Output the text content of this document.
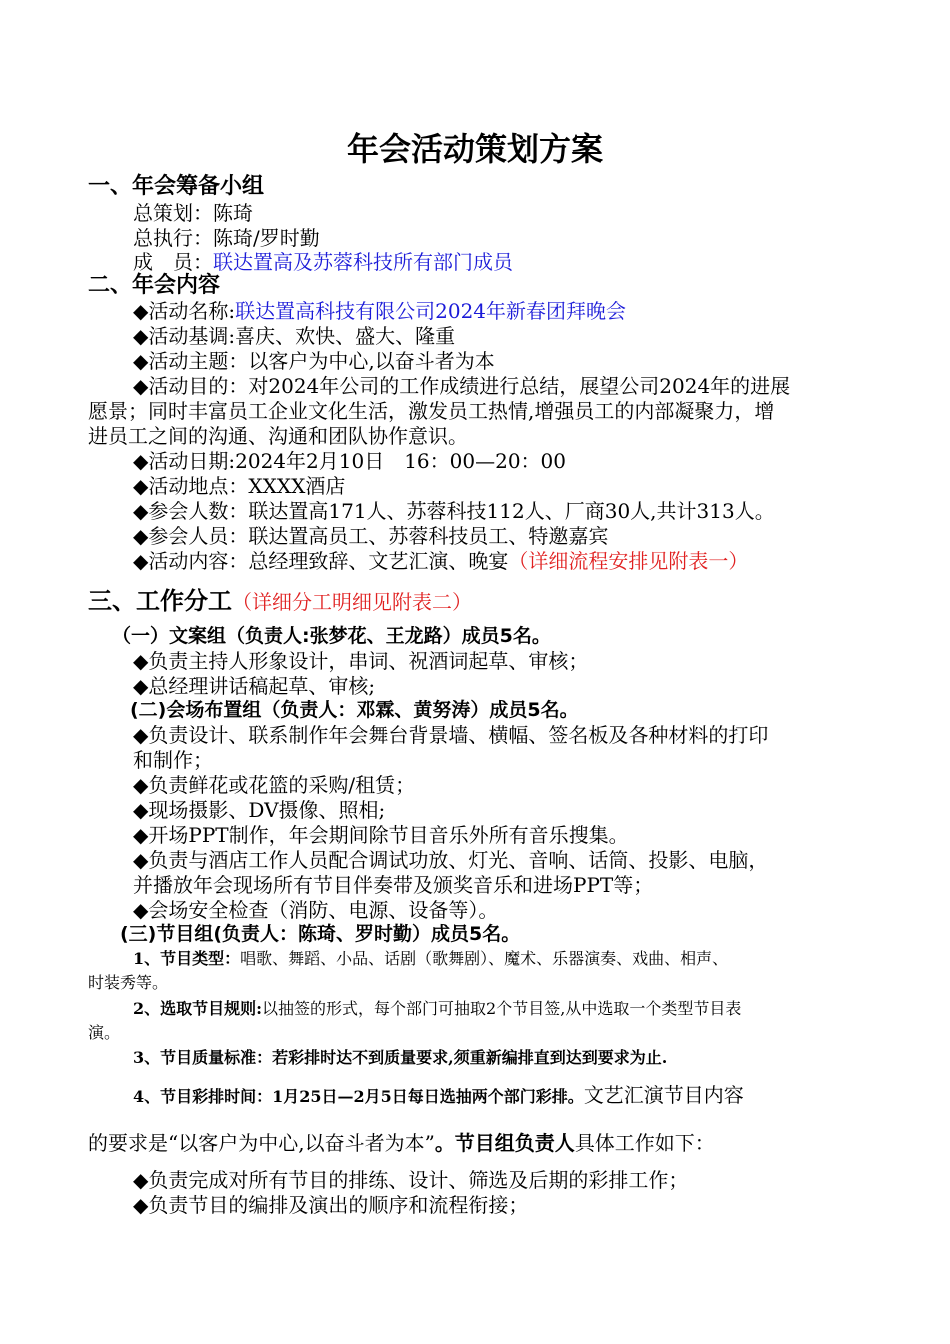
年会活动策划方案
一、年会筹备小组
总策划：陈琦
总执行：陈琦/罗时勤
成　员：联达置高及苏蓉科技所有部门成员
二、年会内容
◆活动名称:联达置高科技有限公司2024年新春团拜晚会
◆活动基调:喜庆、欢快、盛大、隆重
◆活动主题：以客户为中心,以奋斗者为本
◆活动目的：对2024年公司的工作成绩进行总结，展望公司2024年的进展
愿景；同时丰富员工企业文化生活，激发员工热情,增强员工的内部凝聚力，增
进员工之间的沟通、沟通和团队协作意识。
◆活动日期:2024年2月10日　16：00—20：00
◆活动地点：XXXX酒店
◆参会人数：联达置高171人、苏蓉科技112人、厂商30人,共计313人。
◆参会人员：联达置高员工、苏蓉科技员工、特邀嘉宾
◆活动内容：总经理致辞、文艺汇演、晚宴（详细流程安排见附表一）
三、工作分工（详细分工明细见附表二）
（一）文案组（负责人:张梦花、王龙路）成员5名。
◆负责主持人形象设计，串词、祝酒词起草、审核；
◆总经理讲话稿起草、审核;
(二)会场布置组（负责人：邓霖、黄努涛）成员5名。
◆负责设计、联系制作年会舞台背景墙、横幅、签名板及各种材料的打印
和制作；
◆负责鲜花或花篮的采购/租赁；
◆现场摄影、DV摄像、照相;
◆开场PPT制作，年会期间除节目音乐外所有音乐搜集。
◆负责与酒店工作人员配合调试功放、灯光、音响、话筒、投影、电脑，
并播放年会现场所有节目伴奏带及颁奖音乐和进场PPT等；
◆会场安全检查（消防、电源、设备等）。
(三)节目组(负责人：陈琦、罗时勤）成员5名。
1、节目类型：唱歌、舞蹈、小品、话剧（歌舞剧）、魔术、乐器演奏、戏曲、相声、
时装秀等。
2、选取节目规则:以抽签的形式，每个部门可抽取2个节目签,从中选取一个类型节目表
演。
3、节目质量标准：若彩排时达不到质量要求,须重新编排直到达到要求为止.
4、节目彩排时间：1月25日—2月5日每日选抽两个部门彩排。文艺汇演节目内容
的要求是“以客户为中心,以奋斗者为本”。节目组负责人具体工作如下：
◆负责完成对所有节目的排练、设计、筛选及后期的彩排工作；
◆负责节目的编排及演出的顺序和流程衔接；
